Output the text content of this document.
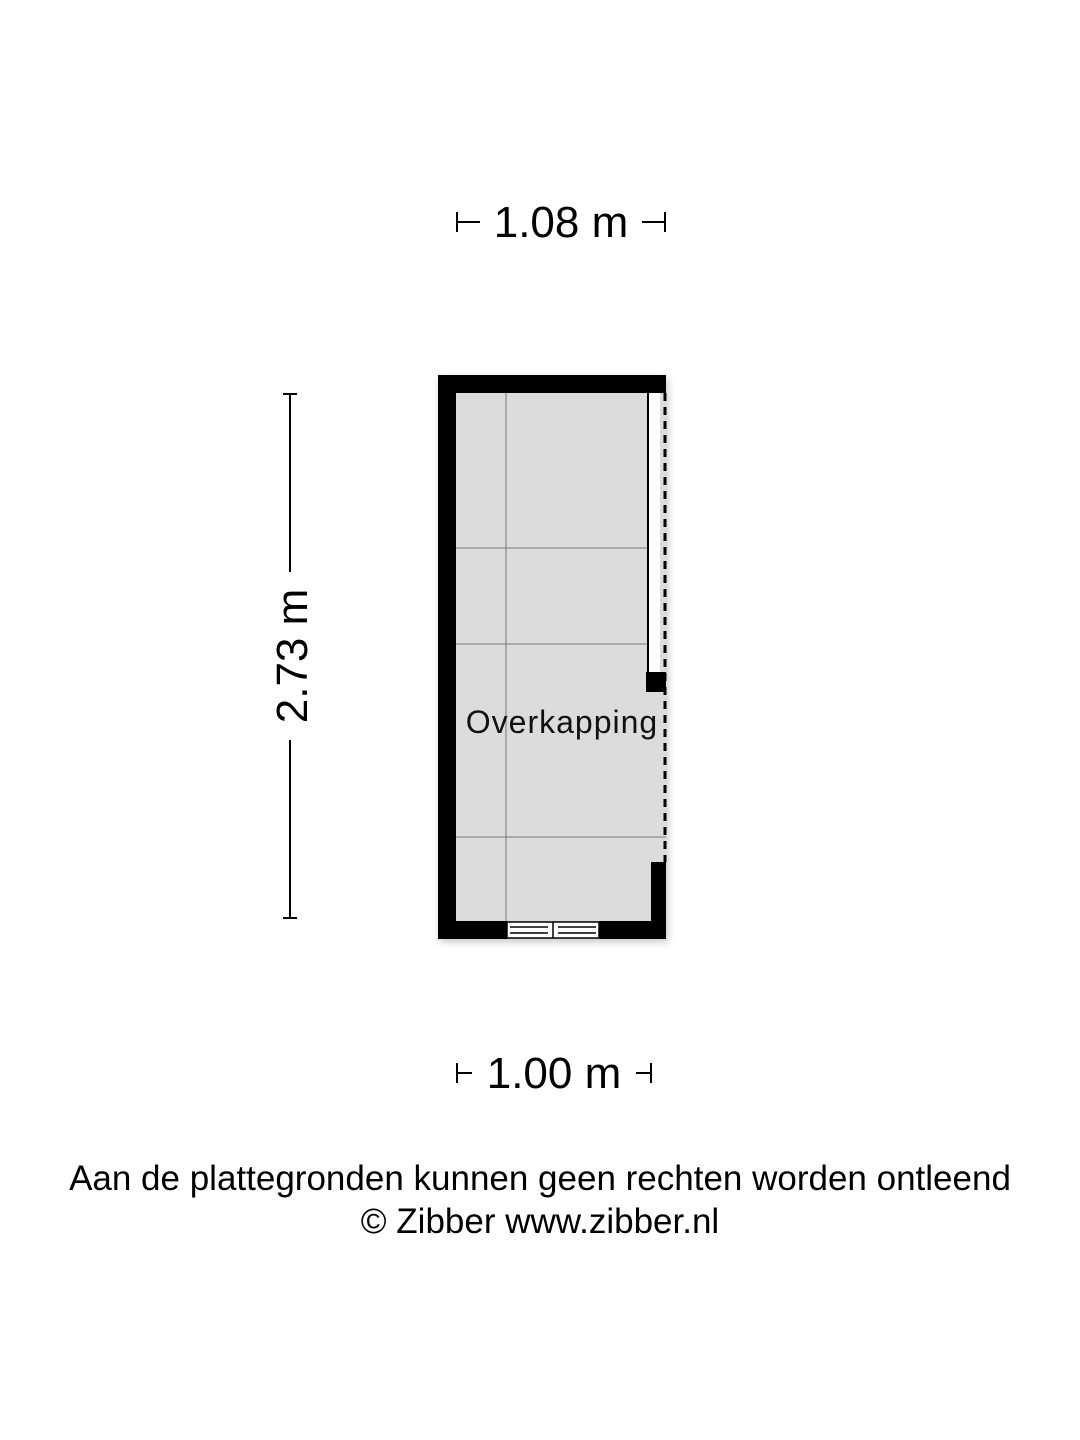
1.08 m
2.73 m	Overkapping
1.00 m
Aan de plattegronden kunnen geen rechten worden ontleend
© Zibber www.zibber.nl
